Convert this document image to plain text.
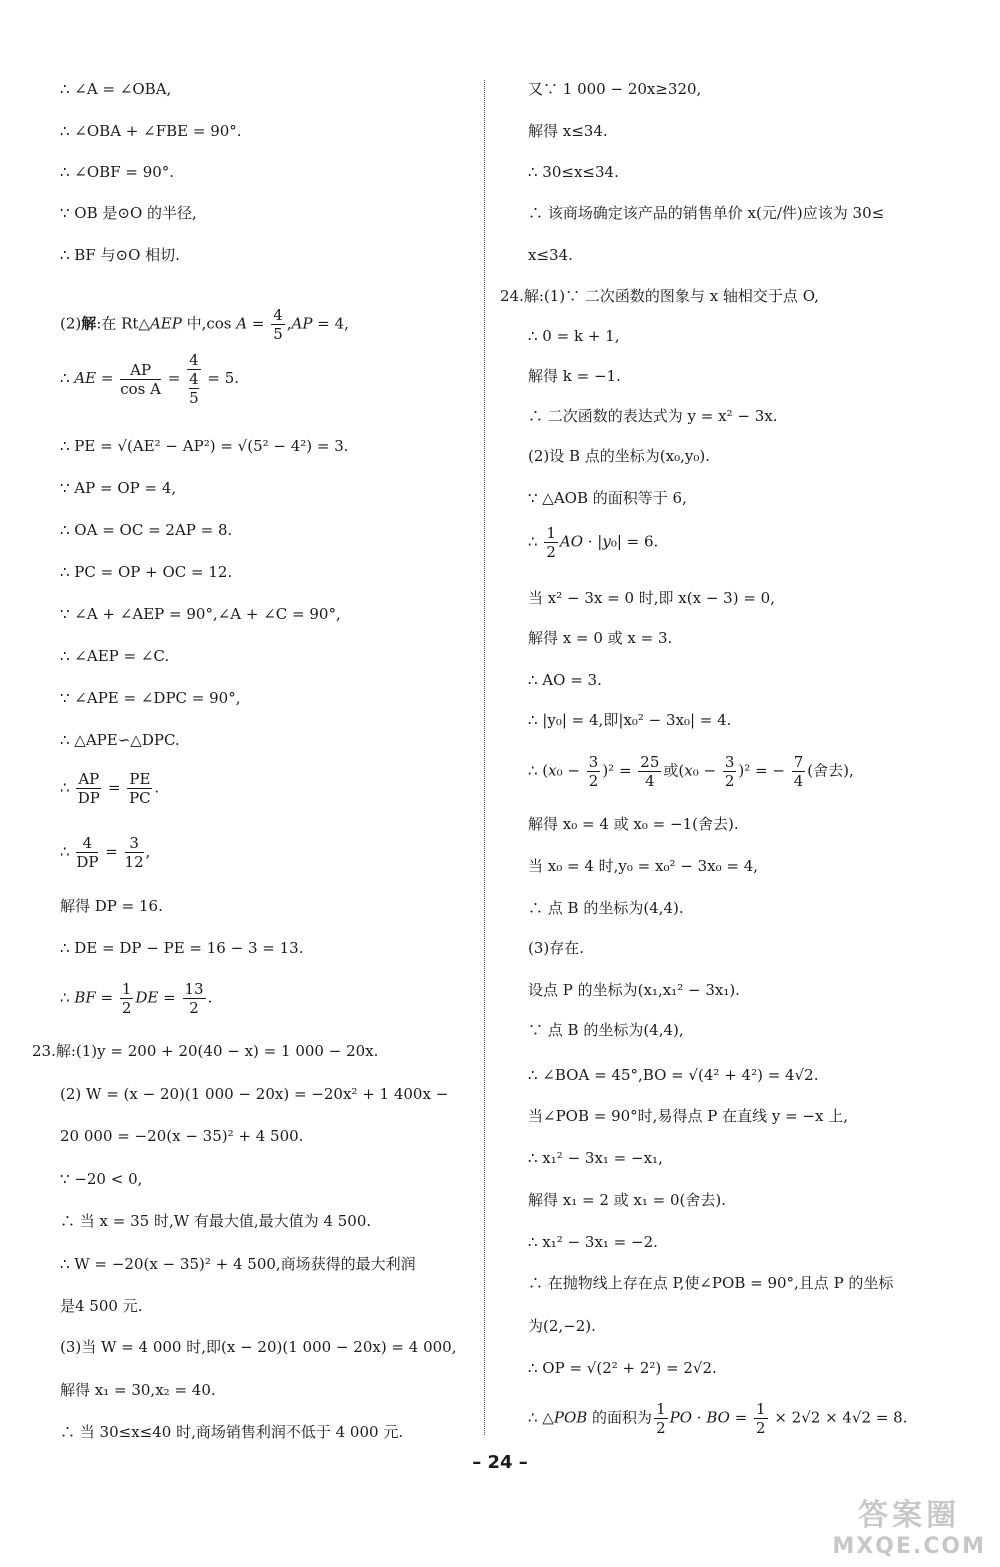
∴ ∠A = ∠OBA,
∴ ∠OBA + ∠FBE = 90°.
∴ ∠OBF = 90°.
∵ OB 是⊙O 的半径,
∴ BF 与⊙O 相切.
(2)解:在 Rt△AEP 中,cos $A = \frac{4}{5} ,AP = 4$,
∴ AE = $\frac{AP}{\text{cos A}}$ =
4
4
5
= 5.
∴ PE = √(AE² − AP²) = √(5² − 4²) = 3.
∵ AP = OP = 4,
∴ OA = OC = 2AP = 8.
∴ PC = OP + OC = 12.
∵ ∠A + ∠AEP = 90°,∠A + ∠C = 90°,
∴ ∠AEP = ∠C.
∵ ∠APE = ∠DPC = 90°,
∴ △APE∽△DPC.
∴ $\frac{AP}{DP} = \frac{PE}{PC}$ .
∴ $\frac{4}{DP} = \frac{3}{12}$ ,
解得 DP = 16.
∴ DE = DP − PE = 16 − 3 = 13.
∴ BF = $\frac{1}{2}$ DE = $\frac{13}{2}$ .
23.解:(1)y = 200 + 20(40 − x) = 1 000 − 20x.
(2) W = (x − 20)(1 000 − 20x) = −20x² + 1 400x −
20 000 = −20(x − 35)² + 4 500.
∵ −20 < 0,
∴ 当 x = 35 时,W 有最大值,最大值为 4 500.
∴ W = −20(x − 35)² + 4 500,商场获得的最大利润
是4 500 元.
(3)当 W = 4 000 时,即(x − 20)(1 000 − 20x) = 4 000,
解得 x₁ = 30,x₂ = 40.
∴ 当 30≤x≤40 时,商场销售利润不低于 4 000 元.
又∵ 1 000 − 20x≥320,
解得 x≤34.
∴ 30≤x≤34.
∴ 该商场确定该产品的销售单价 x(元/件)应该为 30≤
x≤34.
24.解:(1)∵ 二次函数的图象与 x 轴相交于点 O,
∴ 0 = k + 1,
解得 k = −1.
∴ 二次函数的表达式为 y = x² − 3x.
(2)设 B 点的坐标为(x₀,y₀).
∵ △AOB 的面积等于 6,
∴ $\frac{1}{2}$ AO · |y₀| = 6.
当 x² − 3x = 0 时,即 x(x − 3) = 0,
解得 x = 0 或 x = 3.
∴ AO = 3.
∴ |y₀| = 4,即|x₀² − 3x₀| = 4.
∴ $(x_0 - \frac{3}{2} )^2 = \frac{25}{4}$ 或$(x_0 - \frac{3}{2} )^2$ = − $\frac{7}{4}$ (舍去),
解得 x₀ = 4 或 x₀ = −1(舍去).
当 x₀ = 4 时,y₀ = x₀² − 3x₀ = 4,
∴ 点 B 的坐标为(4,4).
(3)存在.
设点 P 的坐标为(x₁,x₁² − 3x₁).
∵ 点 B 的坐标为(4,4),
∴ ∠BOA = 45°,BO = √(4² + 4²) = 4√2.
当∠POB = 90°时,易得点 P 在直线 y = −x 上,
∴ x₁² − 3x₁ = −x₁,
解得 x₁ = 2 或 x₁ = 0(舍去).
∴ x₁² − 3x₁ = −2.
∴ 在抛物线上存在点 P,使∠POB = 90°,且点 P 的坐标
为(2,−2).
∴ OP = √(2² + 2²) = 2√2.
∴ △POB 的面积为 $\frac{1}{2}$ PO · BO = $\frac{1}{2} \times 2√2 \times 4√2 = 8$.
– 24 –
答案圈
MXQE.COM
